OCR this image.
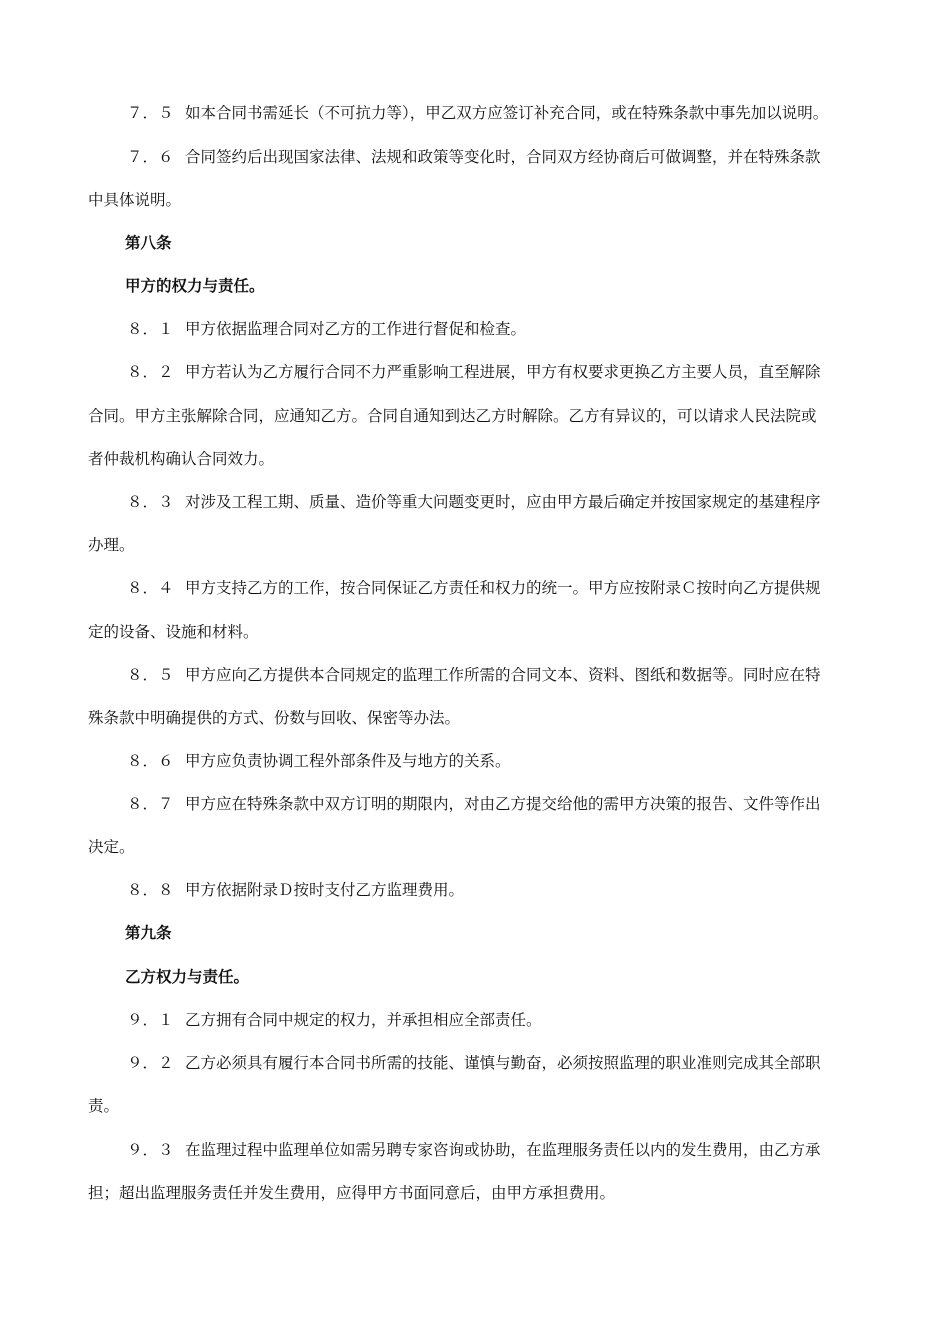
７．５ 如本合同书需延长（不可抗力等），甲乙双方应签订补充合同，或在特殊条款中事先加以说明。
７．６ 合同签约后出现国家法律、法规和政策等变化时，合同双方经协商后可做调整，并在特殊条款
中具体说明。
第八条
甲方的权力与责任。
８．１ 甲方依据监理合同对乙方的工作进行督促和检查。
８．２ 甲方若认为乙方履行合同不力严重影响工程进展，甲方有权要求更换乙方主要人员，直至解除
合同。甲方主张解除合同，应通知乙方。合同自通知到达乙方时解除。乙方有异议的，可以请求人民法院或
者仲裁机构确认合同效力。
８．３ 对涉及工程工期、质量、造价等重大问题变更时，应由甲方最后确定并按国家规定的基建程序
办理。
８．４ 甲方支持乙方的工作，按合同保证乙方责任和权力的统一。甲方应按附录Ｃ按时向乙方提供规
定的设备、设施和材料。
８．５ 甲方应向乙方提供本合同规定的监理工作所需的合同文本、资料、图纸和数据等。同时应在特
殊条款中明确提供的方式、份数与回收、保密等办法。
８．６ 甲方应负责协调工程外部条件及与地方的关系。
８．７ 甲方应在特殊条款中双方订明的期限内，对由乙方提交给他的需甲方决策的报告、文件等作出
决定。
８．８ 甲方依据附录Ｄ按时支付乙方监理费用。
第九条
乙方权力与责任。
９．１ 乙方拥有合同中规定的权力，并承担相应全部责任。
９．２ 乙方必须具有履行本合同书所需的技能、谨慎与勤奋，必须按照监理的职业准则完成其全部职
责。
９．３ 在监理过程中监理单位如需另聘专家咨询或协助，在监理服务责任以内的发生费用，由乙方承
担；超出监理服务责任并发生费用，应得甲方书面同意后，由甲方承担费用。
